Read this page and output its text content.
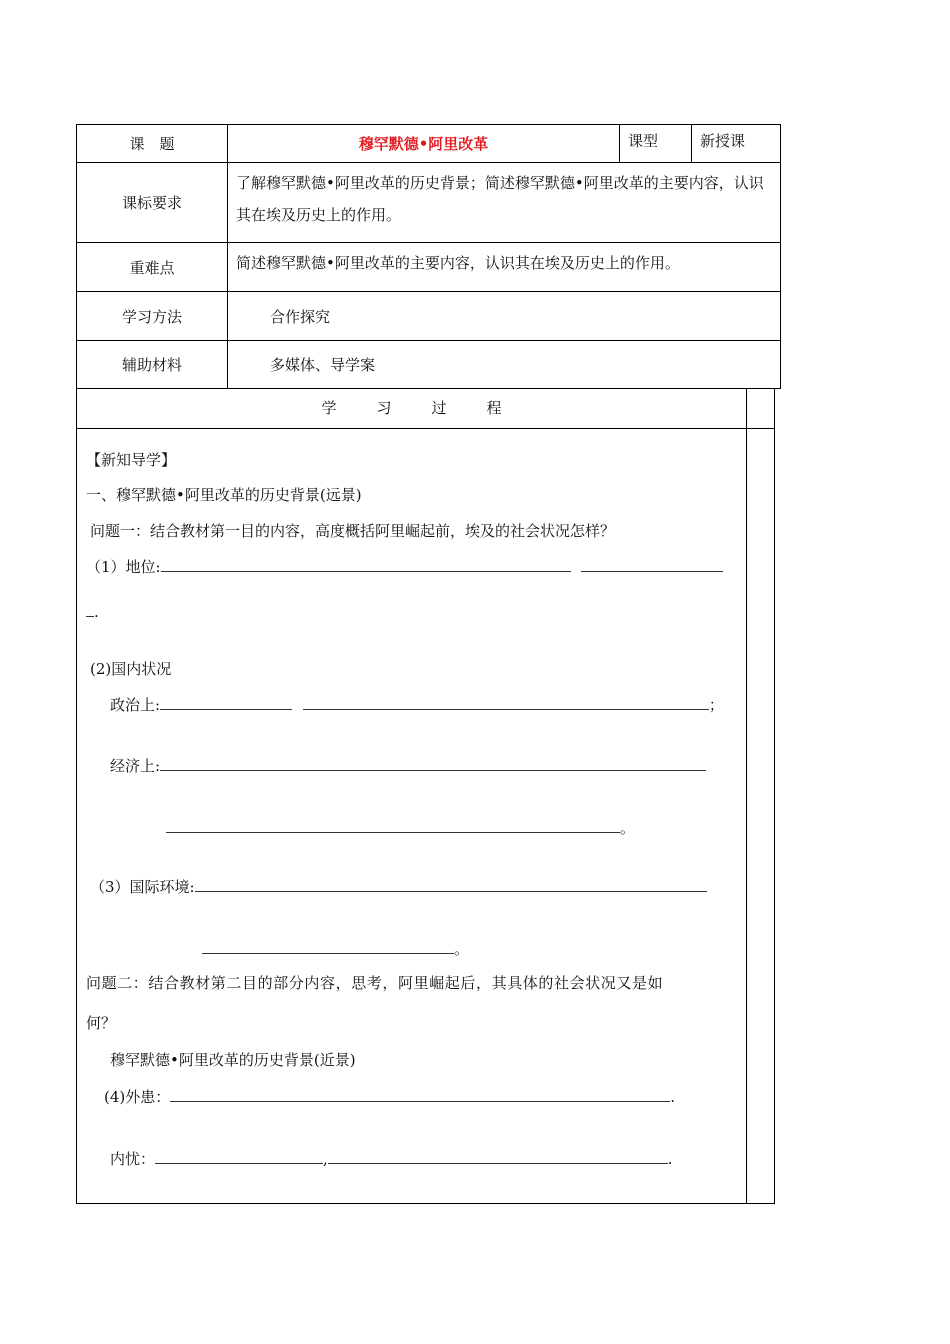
课　题	穆罕默德•阿里改革	课型	新授课
课标要求	了解穆罕默德•阿里改革的历史背景；简述穆罕默德•阿里改革的主要内容，认识其在埃及历史上的作用。		
重难点	简述穆罕默德•阿里改革的主要内容，认识其在埃及历史上的作用。		
学习方法	合作探究		
辅助材料	多媒体、导学案		
学	习	过	程
【新知导学】
一、穆罕默德•阿里改革的历史背景(远景)
问题一：结合教材第一目的内容，高度概括阿里崛起前，埃及的社会状况怎样？
（1）地位:
.
(2)国内状况
政治上:	；
经济上:
。
（3）国际环境:
。
问题二：结合教材第二目的部分内容，思考，阿里崛起后，其具体的社会状况又是如
何？
穆罕默德•阿里改革的历史背景(近景)
(4)外患：	.
内忧：	,	.
